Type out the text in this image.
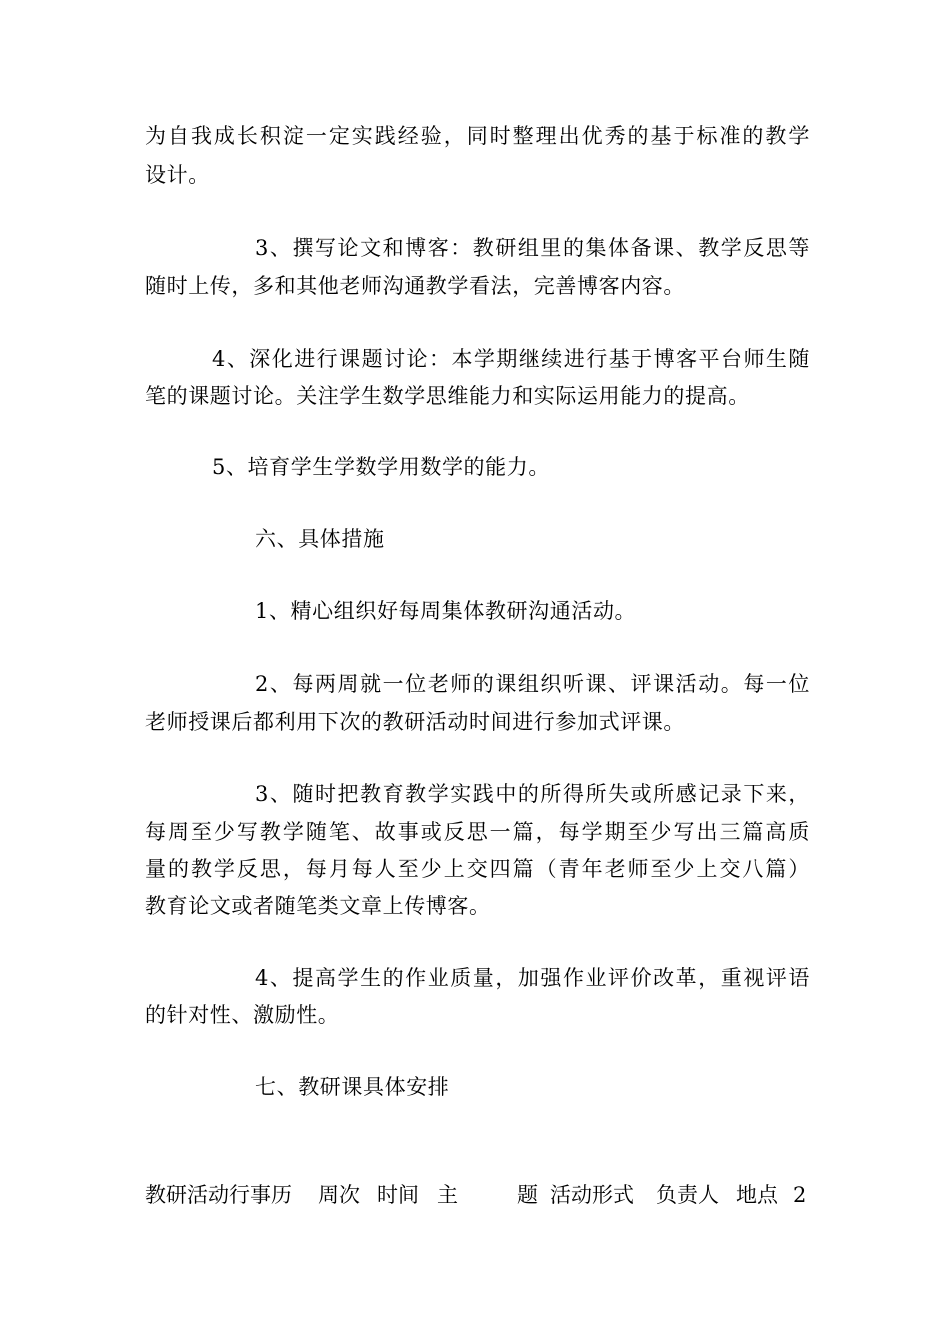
为自我成长积淀一定实践经验，同时整理出优秀的基于标准的教学
设计。
3、撰写论文和博客：教研组里的集体备课、教学反思等
随时上传，多和其他老师沟通教学看法，完善博客内容。
4、深化进行课题讨论：本学期继续进行基于博客平台师生随
笔的课题讨论。关注学生数学思维能力和实际运用能力的提高。
5、培育学生学数学用数学的能力。
六、具体措施
1、精心组织好每周集体教研沟通活动。
2、每两周就一位老师的课组织听课、评课活动。每一位
老师授课后都利用下次的教研活动时间进行参加式评课。
3、随时把教育教学实践中的所得所失或所感记录下来，
每周至少写教学随笔、故事或反思一篇，每学期至少写出三篇高质
量的教学反思，每月每人至少上交四篇（青年老师至少上交八篇）
教育论文或者随笔类文章上传博客。
4、提高学生的作业质量，加强作业评价改革，重视评语
的针对性、激励性。
七、教研课具体安排
教研活动行事历 周次 时间 主	题 活动形式 负责人 地点 2
